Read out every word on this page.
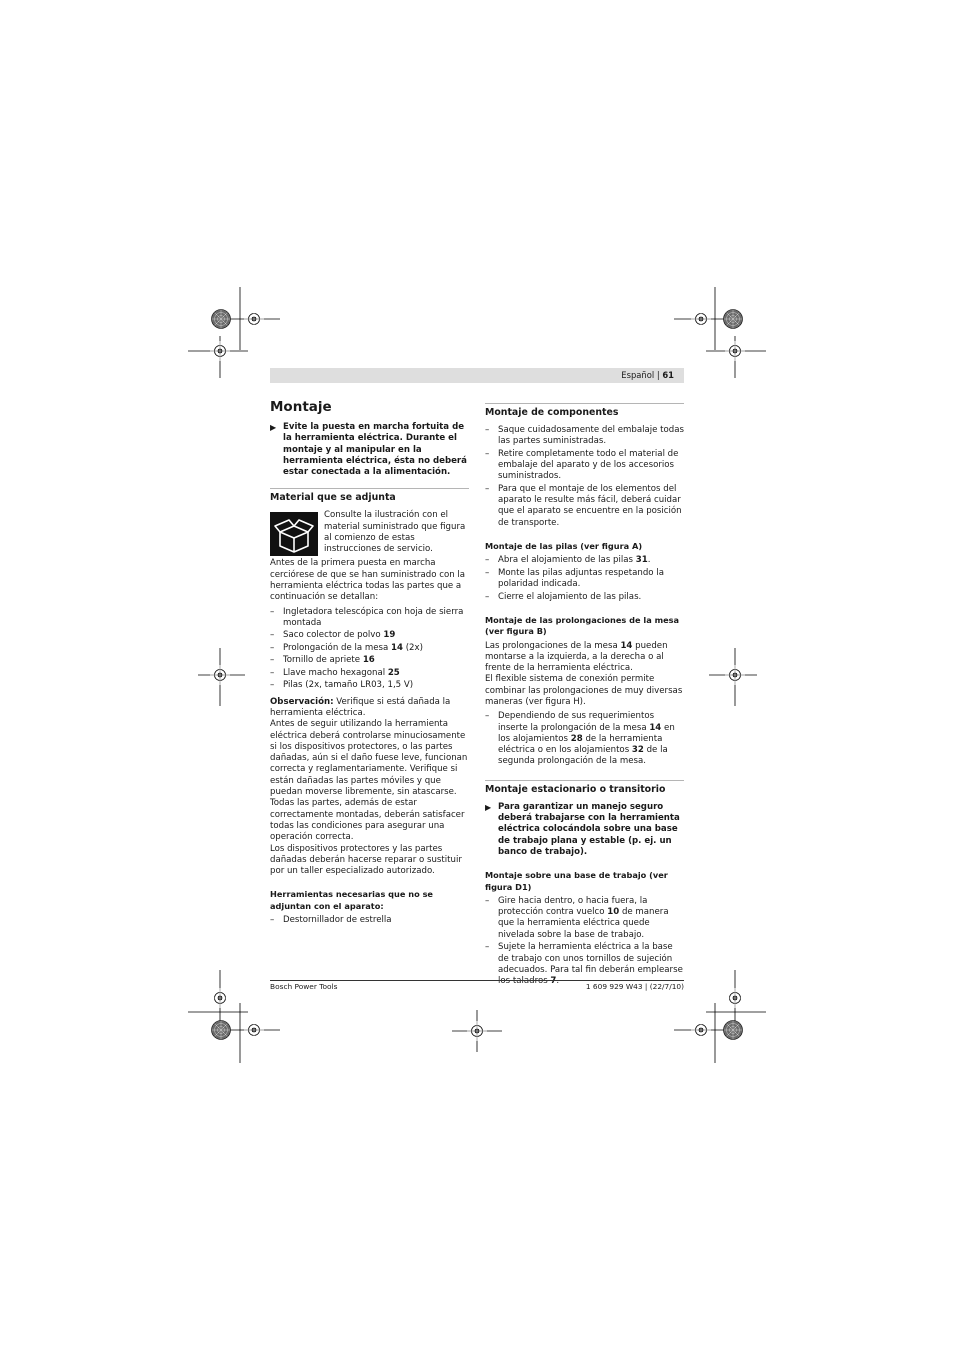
Español | 61
Montaje
▶ Evite la puesta en marcha fortuita de la herramienta eléctrica. Durante el montaje y al manipular en la herramienta eléctrica, ésta no deberá estar conectada a la alimentación.
Material que se adjunta

Consulte la ilustración con el material suministrado que figura al comienzo de estas instrucciones de servicio.

Antes de la primera puesta en marcha cerciórese de que se han suministrado con la herramienta eléctrica todas las partes que a continuación se detallan:

– Ingletadora telescópica con hoja de sierra montada
– Saco colector de polvo 19
– Prolongación de la mesa 14 (2x)
– Tornillo de apriete 16
– Llave macho hexagonal 25
– Pilas (2x, tamaño LR03, 1,5 V)

Observación: Verifique si está dañada la herramienta eléctrica.

Antes de seguir utilizando la herramienta eléctrica deberá controlarse minuciosamente si los dispositivos protectores, o las partes dañadas, aún si el daño fuese leve, funcionan correcta y reglamentariamente. Verifique si están dañadas las partes móviles y que puedan moverse libremente, sin atascarse. Todas las partes, además de estar correctamente montadas, deberán satisfacer todas las condiciones para asegurar una operación correcta.

Los dispositivos protectores y las partes dañadas deberán hacerse reparar o sustituir por un taller especializado autorizado.

Herramientas necesarias que no se adjuntan con el aparato:
– Destornillador de estrella
Montaje de componentes
– Saque cuidadosamente del embalaje todas las partes suministradas.
– Retire completamente todo el material de embalaje del aparato y de los accesorios suministrados.
– Para que el montaje de los elementos del aparato le resulte más fácil, deberá cuidar que el aparato se encuentre en la posición de transporte.
Montaje de las pilas (ver figura A)
– Abra el alojamiento de las pilas 31.
– Monte las pilas adjuntas respetando la polaridad indicada.
– Cierre el alojamiento de las pilas.
Montaje de las prolongaciones de la mesa (ver figura B)

Las prolongaciones de la mesa 14 pueden montarse a la izquierda, a la derecha o al frente de la herramienta eléctrica.

El flexible sistema de conexión permite combinar las prolongaciones de muy diversas maneras (ver figura H).

– Dependiendo de sus requerimientos inserte la prolongación de la mesa 14 en los alojamientos 28 de la herramienta eléctrica o en los alojamientos 32 de la segunda prolongación de la mesa.
Montaje estacionario o transitorio
▶ Para garantizar un manejo seguro deberá trabajarse con la herramienta eléctrica colocándola sobre una base de trabajo plana y estable (p. ej. un banco de trabajo).
Montaje sobre una base de trabajo (ver figura D1)
– Gire hacia dentro, o hacia fuera, la protección contra vuelco 10 de manera que la herramienta eléctrica quede nivelada sobre la base de trabajo.
– Sujete la herramienta eléctrica a la base de trabajo con unos tornillos de sujeción adecuados. Para tal fin deberán emplearse los taladros 7.
Bosch Power Tools	1 609 929 W43 | (22/7/10)
